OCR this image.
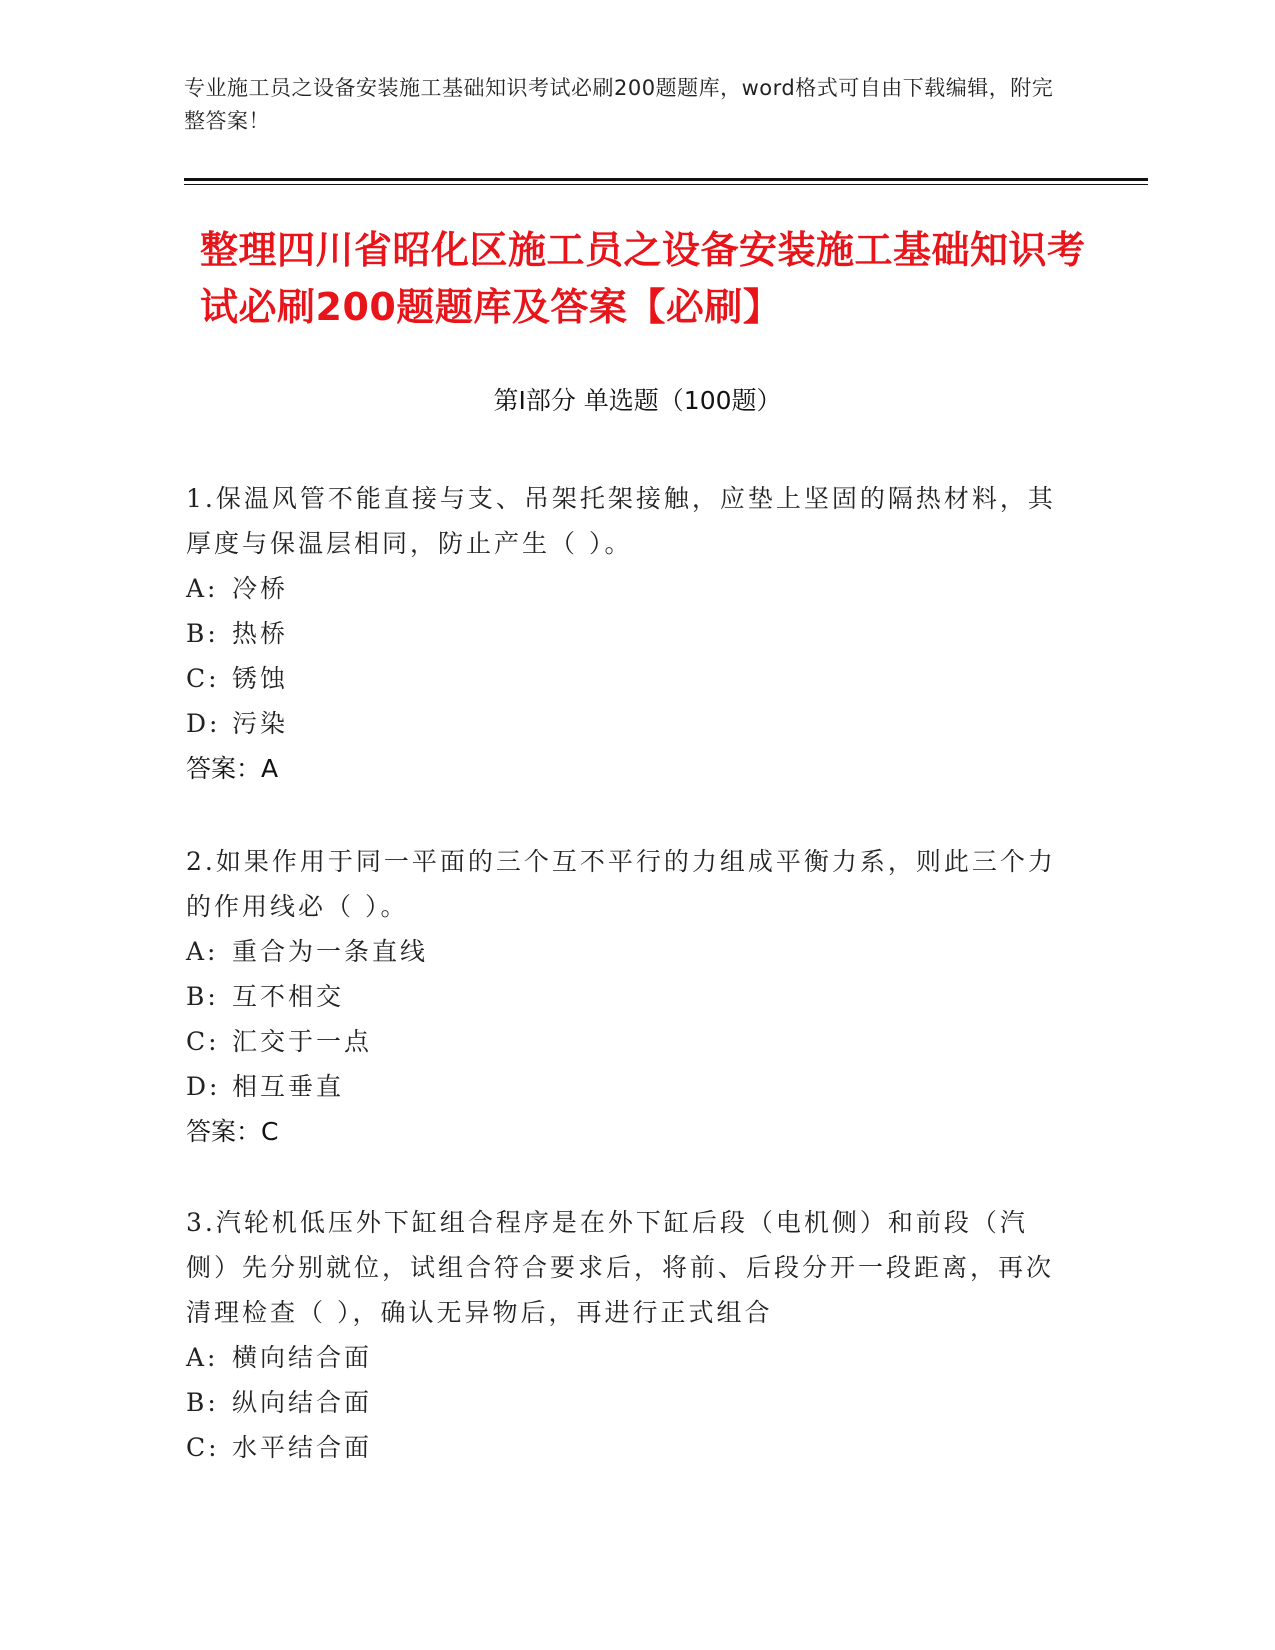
专业施工员之设备安装施工基础知识考试必刷200题题库，word格式可自由下载编辑，附完整答案！
整理四川省昭化区施工员之设备安装施工基础知识考试必刷200题题库及答案【必刷】
第Ⅰ部分 单选题（100题）

1.保温风管不能直接与支、吊架托架接触，应垫上坚固的隔热材料，其厚度与保温层相同，防止产生（ ）。

A: 冷桥
B: 热桥
C: 锈蚀
D: 污染
答案：A

2.如果作用于同一平面的三个互不平行的力组成平衡力系，则此三个力的作用线必（ ）。

A: 重合为一条直线
B: 互不相交
C: 汇交于一点
D: 相互垂直
答案：C

3.汽轮机低压外下缸组合程序是在外下缸后段（电机侧）和前段（汽侧）先分别就位，试组合符合要求后，将前、后段分开一段距离，再次清理检查（ ），确认无异物后，再进行正式组合

A: 横向结合面
B: 纵向结合面
C: 水平结合面
